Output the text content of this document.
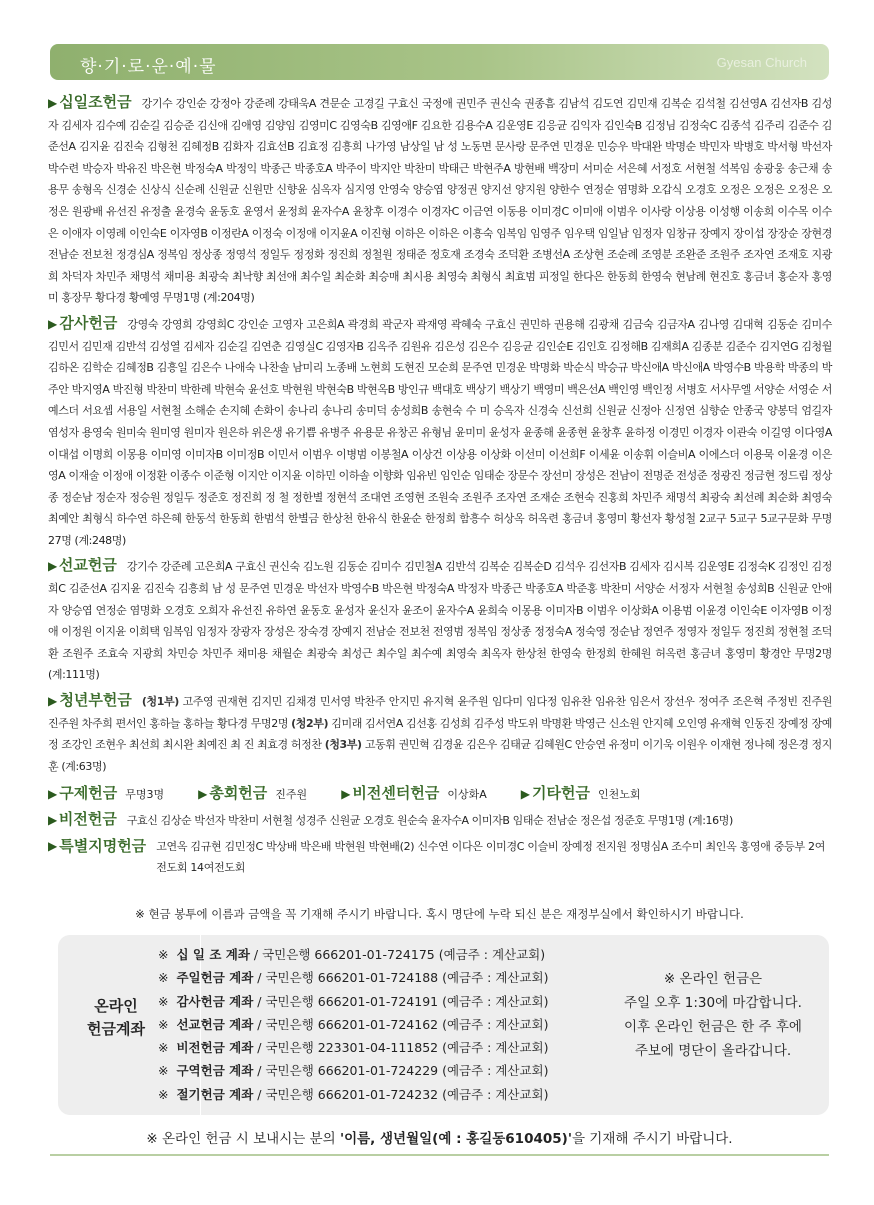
향·기·로·운·예·물	Gyesan Church

▶ 십일조헌금 강기수 강인순 강정아 강준례 강태욱A 견문순 고경길 구효신 국정애 권민주 권신숙 권종흠 김남석 김도연 김민재 김복순 김석철 김선영A 김선자B 김성자 김세자 김수예 김순길 김승준 김신애 김애영 김양임 김영미C 김영숙B 김영애F 김요한 김용수A 김운영E 김응균 김익자 김인숙B 김정님 김정숙C 김종석 김주리 김준수 김준선A 김지윤 김진숙 김형천 김혜정B 김화자 김효선B 김효정 김흥희 나가영 남상일 남 성 노동면 문사랑 문주연 민경운 민승우 박대완 박명순 박민자 박병호 박서형 박선자 박수련 박승자 박유진 박은현 박정숙A 박정익 박종근 박종호A 박주이 박지안 박찬미 박태근 박현주A 방현배 백장미 서미순 서은혜 서정호 서현철 석복임 송광웅 송근채 송용무 송형옥 신경순 신상식 신순례 신원균 신원만 신향윤 심옥자 심지영 안영숙 양승엽 양정권 양지선 양지원 양한수 연정순 염명화 오갑식 오경호 오정은 오정은 오정은 오정은 원광배 유선진 유정출 윤경숙 윤동호 윤영서 윤정희 윤자수A 윤창후 이경수 이경자C 이금연 이동용 이미경C 이미애 이범우 이사랑 이상용 이성행 이송희 이수목 이수은 이애자 이영례 이인숙E 이자영B 이정란A 이정숙 이정애 이지윤A 이진형 이하은 이하은 이흥숙 임복임 임영주 임우택 임일남 임정자 임창규 장예지 장이섭 장장순 장현경 전남순 전보천 정경심A 정복임 정상종 정영석 정일두 정정화 정진희 정철원 정태준 정호재 조경숙 조덕환 조병선A 조상현 조순례 조영분 조완준 조원주 조자연 조재호 지광희 차덕자 차민주 채명석 채미용 최광숙 최낙향 최선애 최수일 최순화 최승매 최시용 최영숙 최형식 최효범 피정일 한다은 한동희 한영숙 현남례 현진호 홍금녀 홍순자 홍영미 홍장무 황다경 황예영 무명1명 (계:204명)

▶ 감사헌금 강영숙 강영희 강영희C 강인순 고영자 고은희A 곽경희 곽군자 곽재영 곽혜숙 구효신 권민하 권용해 김광채 김금숙 김금자A 김나영 김대혁 김동순 김미수 김민서 김민재 김반석 김성열 김세자 김순길 김연춘 김영실C 김영자B 김옥주 김원유 김은성 김은수 김응균 김인순E 김인호 김정해B 김재희A 김종분 김준수 김지연G 김청월 김하온 김학순 김혜정B 김흥일 김은수 나애숙 나찬솔 남미리 노종배 노현희 도현진 모순희 문주연 민경운 박명화 박순식 박승규 박신애A 박신애A 박영수B 박용학 박종의 박주안 박지영A 박진형 박찬미 박한례 박현숙 윤선호 박현원 박현숙B 박현옥B 방인규 백대호 백상기 백상기 백영미 백은선A 백인영 백인정 서병호 서사무엘 서양순 서영순 서예스더 서요셉 서용일 서현철 소해순 손지혜 손화이 송나리 송나리 송미덕 송성희B 송현숙 수 미 승옥자 신경숙 신선희 신원균 신정아 신정연 심향순 안종국 양봉덕 엄길자 염성자 용영숙 원미숙 원미영 원미자 원은하 위은생 유기쁨 유병주 유용문 유창곤 유형님 윤미미 윤성자 윤종해 윤종현 윤창후 윤하정 이경민 이경자 이관숙 이길영 이다영A 이대섭 이명희 이몽용 이미영 이미자B 이미정B 이민서 이범우 이병범 이봉철A 이상건 이상용 이상화 이선미 이선희F 이세윤 이송휘 이슬비A 이에스더 이용묵 이윤경 이은영A 이재술 이정애 이정환 이종수 이준형 이지안 이지윤 이하민 이하솔 이향화 임유빈 임인순 임태순 장문수 장선미 장성은 전남이 전명준 전성준 정광진 정금현 정드림 정상종 정순남 정순자 정승원 정일두 정준호 정진희 정 철 정한별 정현석 조대연 조영현 조원숙 조원주 조자연 조재순 조현숙 진홍희 차민주 채명석 최광숙 최선례 최순화 최영숙 최예안 최형식 하수연 하은혜 한동석 한동희 한범석 한별금 한상천 한유식 한윤순 한정희 함흥수 허상옥 허옥련 홍금녀 홍영미 황선자 황성철 2교구 5교구 5교구문화 무명27명 (계:248명)

▶ 선교헌금 강기수 강준례 고은희A 구효신 권신숙 김노원 김동순 김미수 김민철A 김반석 김복순 김복순D 김석우 김선자B 김세자 김시복 김운영E 김정숙K 김정인 김정희C 김준선A 김지윤 김진숙 김흥희 남 성 문주연 민경운 박선자 박영수B 박은현 박정숙A 박정자 박종근 박종호A 박준홍 박찬미 서양순 서정자 서현철 송성희B 신원균 안애자 양승엽 연정순 염명화 오경호 오희자 유선진 유하연 윤동호 윤성자 윤신자 윤조이 윤자수A 윤희숙 이몽용 이미자B 이범우 이상화A 이용범 이윤경 이인숙E 이자영B 이정애 이정원 이지윤 이희택 임복임 임정자 장광자 장성은 장숙경 장예지 전남순 전보천 전영범 정복임 정상종 정정숙A 정숙영 정순남 정연주 정영자 정일두 정진희 정현철 조덕환 조원주 조효숙 지광희 차민승 차민주 채미용 채월순 최광숙 최성근 최수일 최수예 최영숙 최옥자 한상천 한영숙 한정희 한혜원 허옥련 홍금녀 홍영미 황경안 무명2명 (계:111명)

▶ 청년부헌금 (청1부) 고주영 권재현 김지민 김채경 민서영 박찬주 안지민 유지혁 윤주원 임다미 임다정 임유찬 임유찬 임은서 장선우 정여주 조은혁 주정빈 진주원 진주원 차주희 편서인 홍하늘 홍하늘 황다경 무명2명 (청2부) 김미래 김서연A 김선홍 김성희 김주성 박도위 박명환 박영근 신소원 안지혜 오인영 유재혁 인동진 장예정 장예정 조강인 조현우 최선희 최시완 최예진 최 진 최효경 허정찬 (청3부) 고동휘 권민혁 김경윤 김은우 김태균 김혜원C 안승연 유정미 이기욱 이원우 이재현 정나혜 정은경 정지훈 (계:63명)

▶ 구제헌금 무명3명	▶ 총회헌금 진주원	▶ 비전센터헌금 이상화A	▶ 기타헌금 인천노회

▶ 비전헌금 구효신 김상순 박선자 박찬미 서현철 성경주 신원균 오경호 원순숙 윤자수A 이미자B 임태순 전남순 정은섭 정준호 무명1명 (계:16명)

▶ 특별지명헌금 고연옥 김규현 김민정C 박상배 박은배 박현원 박현배(2) 신수연 이다은 이미경C 이슬비 장예정 전지원 정명심A 조수미 최인옥 홍영애 중등부 2여전도회 14여전도회
※ 현금 봉투에 이름과 금액을 꼭 기재해 주시기 바랍니다. 혹시 명단에 누락 되신 분은 재정부실에서 확인하시기 바랍니다.
온라인
헌금계좌
※ 십 일 조 계좌 / 국민은행 666201-01-724175 (예금주 : 계산교회)
※ 주일헌금 계좌 / 국민은행 666201-01-724188 (예금주 : 계산교회)
※ 감사헌금 계좌 / 국민은행 666201-01-724191 (예금주 : 계산교회)
※ 선교헌금 계좌 / 국민은행 666201-01-724162 (예금주 : 계산교회)
※ 비전헌금 계좌 / 국민은행 223301-04-111852 (예금주 : 계산교회)
※ 구역헌금 계좌 / 국민은행 666201-01-724229 (예금주 : 계산교회)
※ 절기헌금 계좌 / 국민은행 666201-01-724232 (예금주 : 계산교회)
※ 온라인 헌금은
주일 오후 1:30에 마감합니다.
이후 온라인 헌금은 한 주 후에
주보에 명단이 올라갑니다.
※ 온라인 헌금 시 보내시는 분의 '이름, 생년월일(예 : 홍길동610405)'을 기재해 주시기 바랍니다.
